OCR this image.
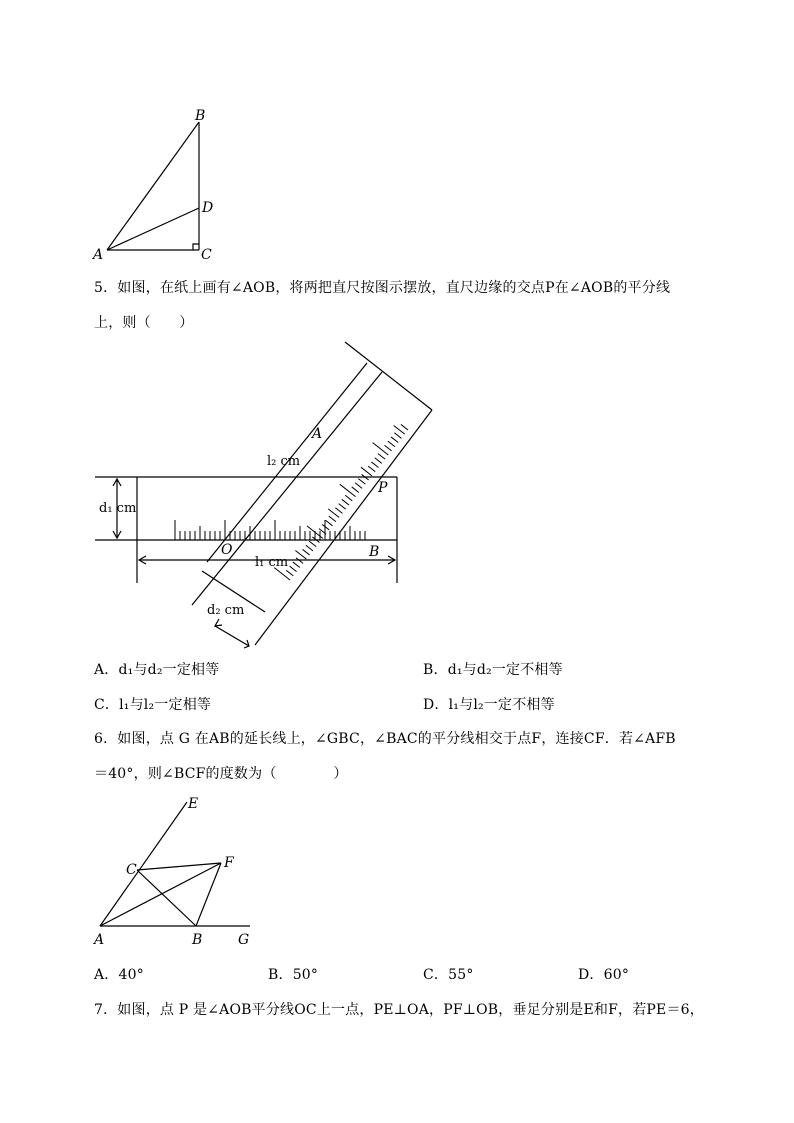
B
D
A	C
5．如图，在纸上画有∠AOB，将两把直尺按图示摆放，直尺边缘的交点P在∠AOB的平分线
上，则（　　）
A
B
O
P
l₂ cm
d₁ cm
l₁ cm
d₂ cm
A．d₁与d₂一定相等	B．d₁与d₂一定不相等
C．l₁与l₂一定相等	D．l₁与l₂一定不相等
6．如图，点 G 在AB的延长线上，∠GBC，∠BAC的平分线相交于点F，连接CF．若∠AFB
＝40°，则∠BCF的度数为（　　　　）
E
C	F
A	B	G
A．40°	B．50°	C．55°	D．60°
7．如图，点 P 是∠AOB平分线OC上一点，PE⊥OA，PF⊥OB，垂足分别是E和F，若PE＝6，
